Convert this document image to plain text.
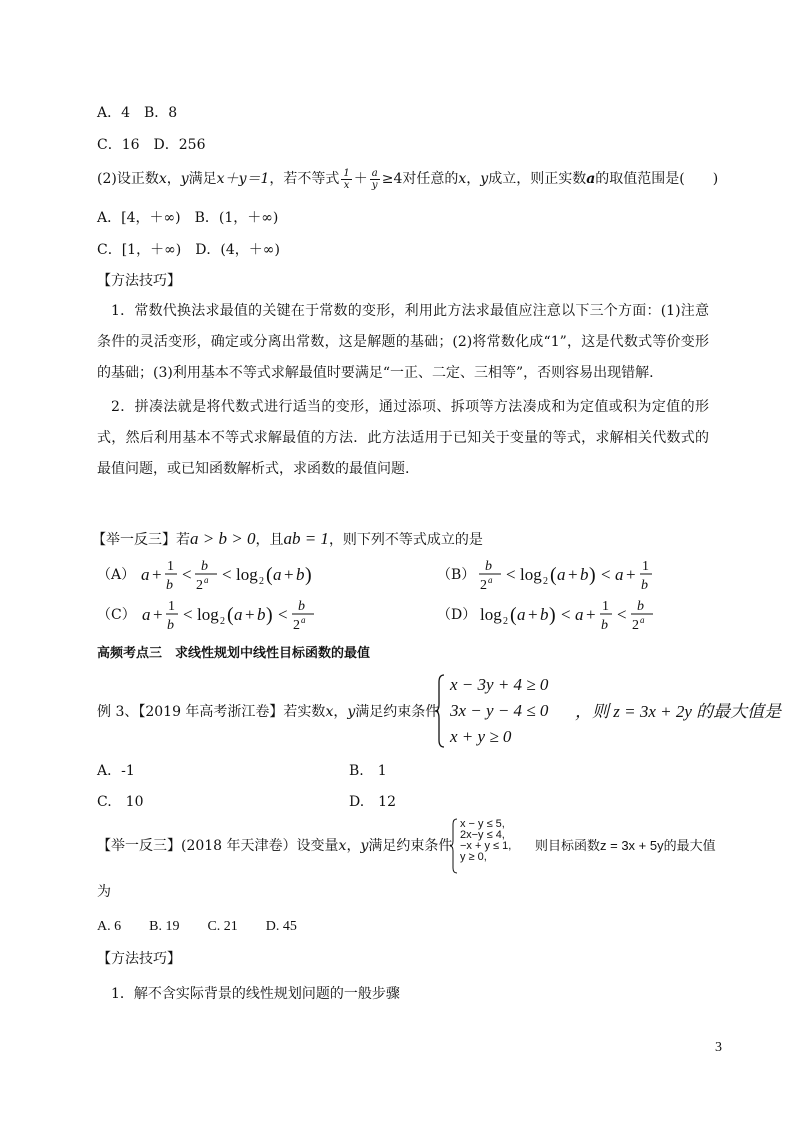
A．4　B．8
C．16　D．256
(2)设正数x，y满足x＋y＝1，若不等式 $\frac{1}{x} + \frac{a}{y} \ge 4$对任意的x，y成立，则正实数a的取值范围是(　　)
A．[4，＋∞)　B．(1，＋∞)
C．[1，＋∞)　D．(4，＋∞)
【方法技巧】
1．常数代换法求最值的关键在于常数的变形，利用此方法求最值应注意以下三个方面：(1)注意条件的灵活变形，确定或分离出常数，这是解题的基础；(2)将常数化成“1”，这是代数式等价变形的基础；(3)利用基本不等式求解最值时要满足“一正、二定、三相等”，否则容易出现错解.
2．拼凑法就是将代数式进行适当的变形，通过添项、拆项等方法凑成和为定值或积为定值的形式，然后利用基本不等式求解最值的方法．此方法适用于已知关于变量的等式，求解相关代数式的最值问题，或已知函数解析式，求函数的最值问题.
【举一反三】若a > b > 0，且ab = 1，则下列不等式成立的是
（A） a + 1
b
< b
2 a < log 2 ( a + b )	（B）
b
2 a < log 2 ( a + b ) < a + 1
b
（C） a + 1
b
< log 2 ( a + b ) < b
2 a	（D） log 2 ( a + b ) < a + 1
b
< b
2 a
高频考点三　求线性规划中线性目标函数的最值
例 3、【2019 年高考浙江卷】若实数x，y满足约束条件
x − 3y + 4 ≥ 0
3x − y − 4 ≤ 0
x + y ≥ 0
，则 z = 3x + 2y 的最大值是
A．-1	B.　1
C.　10	D.　12
【举一反三】(2018 年天津卷）设变量x，y满足约束条件
x − y ≤ 5,
2x−y ≤ 4,
−x + y ≤ 1,
y ≥ 0,
则目标函数z = 3x + 5y的最大值
为
A. 6　　B. 19　　C. 21　　D. 45
【方法技巧】
1．解不含实际背景的线性规划问题的一般步骤
3
